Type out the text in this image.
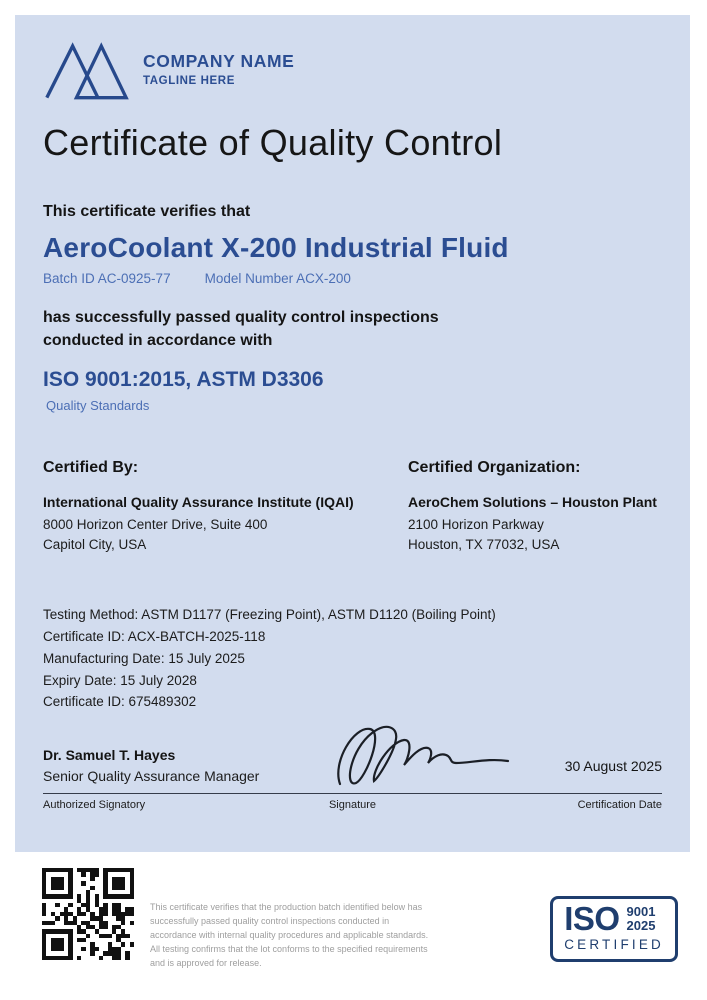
COMPANY NAME
TAGLINE HERE
Certificate of Quality Control

This certificate verifies that

AeroCoolant X-200 Industrial Fluid
Batch ID AC-0925-77	Model Number ACX-200

has successfully passed quality control inspections

conducted in accordance with

ISO 9001:2015, ASTM D3306

Quality Standards

Certified By:
International Quality Assurance Institute (IQAI)
8000 Horizon Center Drive, Suite 400
Capitol City, USA
Certified Organization:
AeroChem Solutions – Houston Plant
2100 Horizon Parkway
Houston, TX 77032, USA

Testing Method: ASTM D1177 (Freezing Point), ASTM D1120 (Boiling Point)

Certificate ID: ACX-BATCH-2025-118

Manufacturing Date: 15 July 2025

Expiry Date: 15 July 2028

Certificate ID: 675489302

Dr. Samuel T. Hayes

Senior Quality Assurance Manager

30 August 2025

Authorized Signatory	Signature	Certification Date

This certificate verifies that the production batch identified below has successfully passed quality control inspections conducted in accordance with internal quality procedures and applicable standards. All testing confirms that the lot conforms to the specified requirements and is approved for release.

ISO 9001
2025
CERTIFIED
